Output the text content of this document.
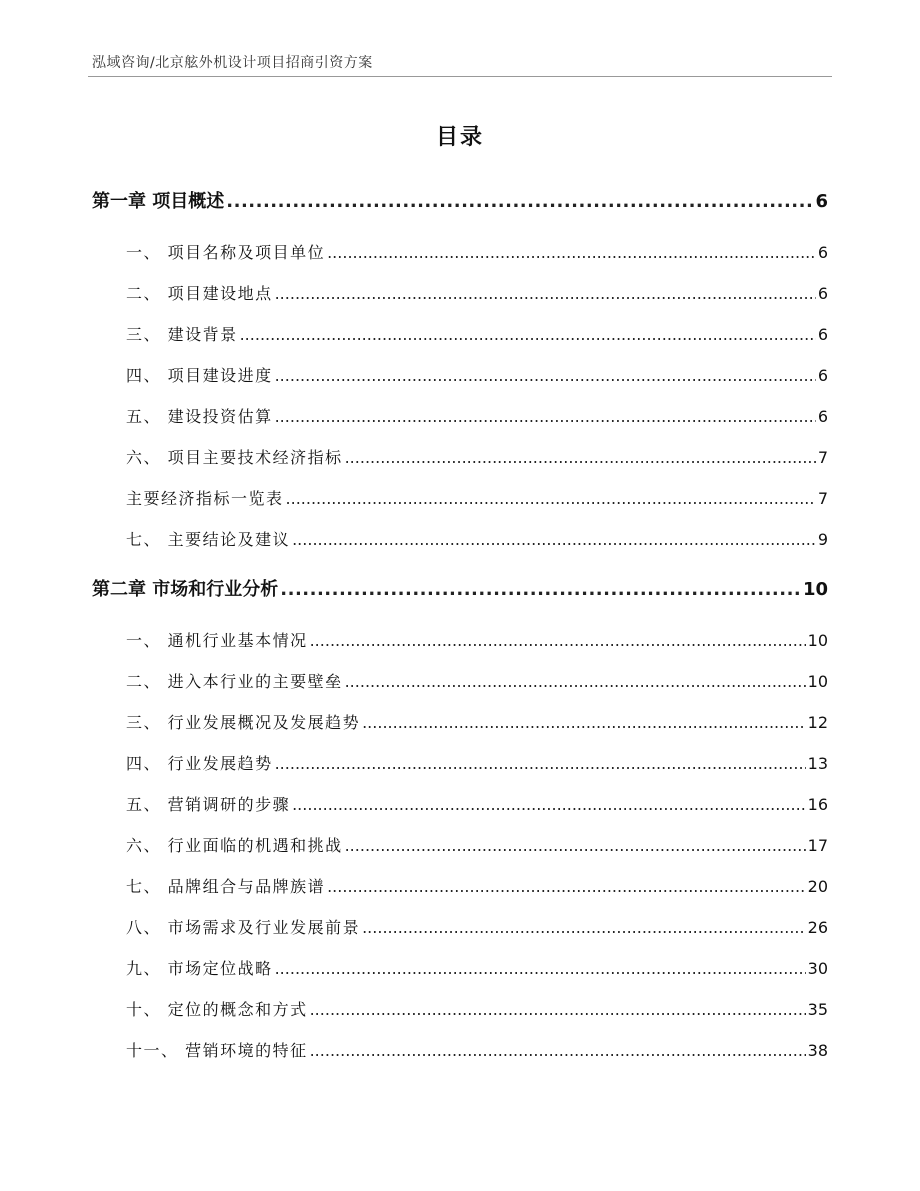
泓域咨询/北京舷外机设计项目招商引资方案
目录
第一章 项目概述 .....	6
一、 项目名称及项目单位 .....	6
二、 项目建设地点 .....	6
三、 建设背景 .....	6
四、 项目建设进度 .....	6
五、 建设投资估算 .....	6
六、 项目主要技术经济指标 .....	7
主要经济指标一览表 .....	7
七、 主要结论及建议 .....	9
第二章 市场和行业分析 .....	10
一、 通机行业基本情况 .....	10
二、 进入本行业的主要壁垒 .....	10
三、 行业发展概况及发展趋势 .....	12
四、 行业发展趋势 .....	13
五、 营销调研的步骤 .....	16
六、 行业面临的机遇和挑战 .....	17
七、 品牌组合与品牌族谱 .....	20
八、 市场需求及行业发展前景 .....	26
九、 市场定位战略 .....	30
十、 定位的概念和方式 .....	35
十一、 营销环境的特征 .....	38
